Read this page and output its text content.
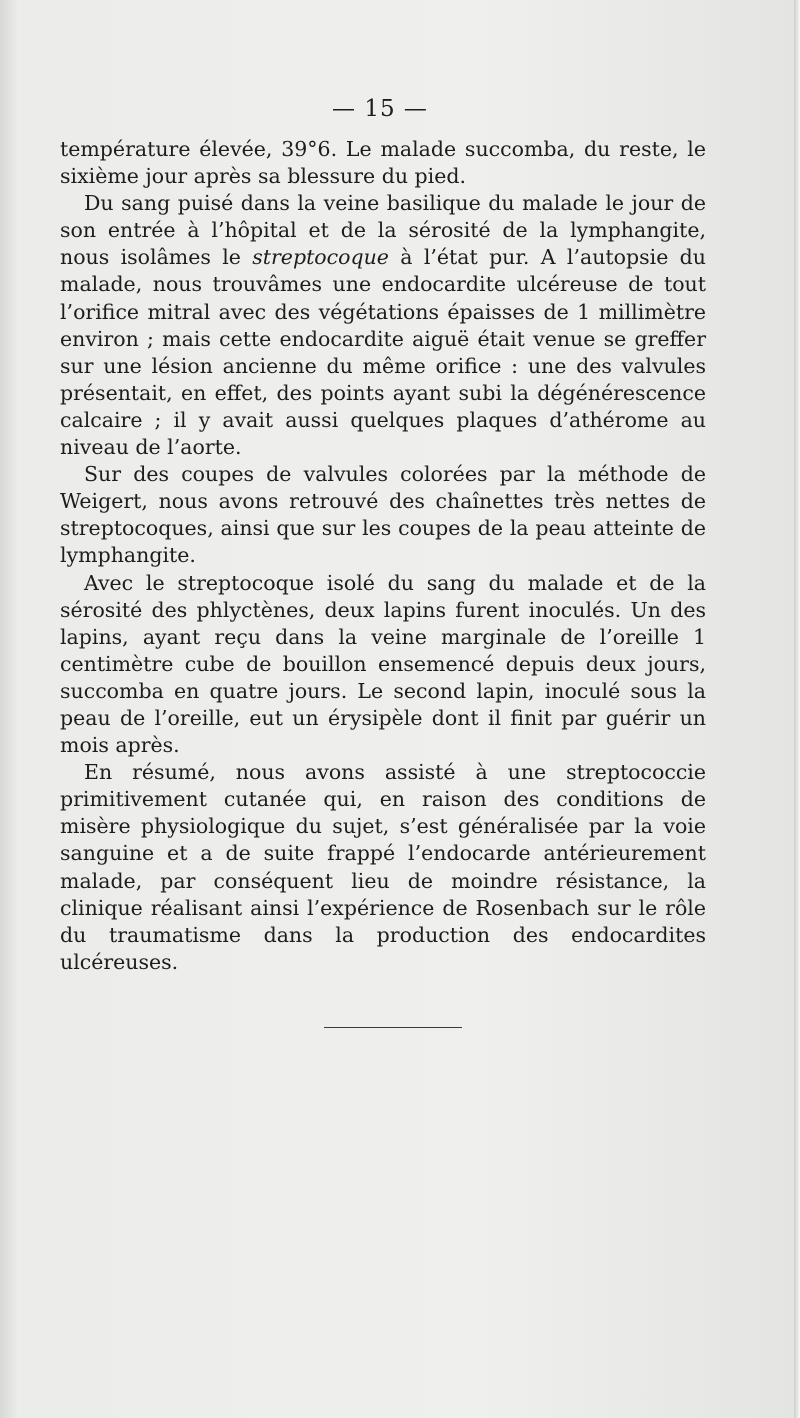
— 15 —

température élevée, 39°6. Le malade succomba, du reste, le sixième jour après sa blessure du pied.

Du sang puisé dans la veine basilique du malade le jour de son entrée à l’hôpital et de la sérosité de la lymphangite, nous isolâmes le streptocoque à l’état pur. A l’autopsie du malade, nous trouvâmes une endocardite ulcéreuse de tout l’orifice mitral avec des végétations épaisses de 1 millimètre environ ; mais cette endocardite aiguë était venue se greffer sur une lésion ancienne du même orifice : une des valvules présentait, en effet, des points ayant subi la dégénérescence calcaire ; il y avait aussi quelques plaques d’athérome au niveau de l’aorte.

Sur des coupes de valvules colorées par la méthode de Weigert, nous avons retrouvé des chaînettes très nettes de streptocoques, ainsi que sur les coupes de la peau atteinte de lymphangite.

Avec le streptocoque isolé du sang du malade et de la sérosité des phlyctènes, deux lapins furent inoculés. Un des lapins, ayant reçu dans la veine marginale de l’oreille 1 centimètre cube de bouillon ensemencé depuis deux jours, succomba en quatre jours. Le second lapin, inoculé sous la peau de l’oreille, eut un érysipèle dont il finit par guérir un mois après.

En résumé, nous avons assisté à une streptococcie primitivement cutanée qui, en raison des conditions de misère physiologique du sujet, s’est généralisée par la voie sanguine et a de suite frappé l’endocarde antérieurement malade, par conséquent lieu de moindre résistance, la clinique réalisant ainsi l’expérience de Rosenbach sur le rôle du traumatisme dans la production des endocardites ulcéreuses.
